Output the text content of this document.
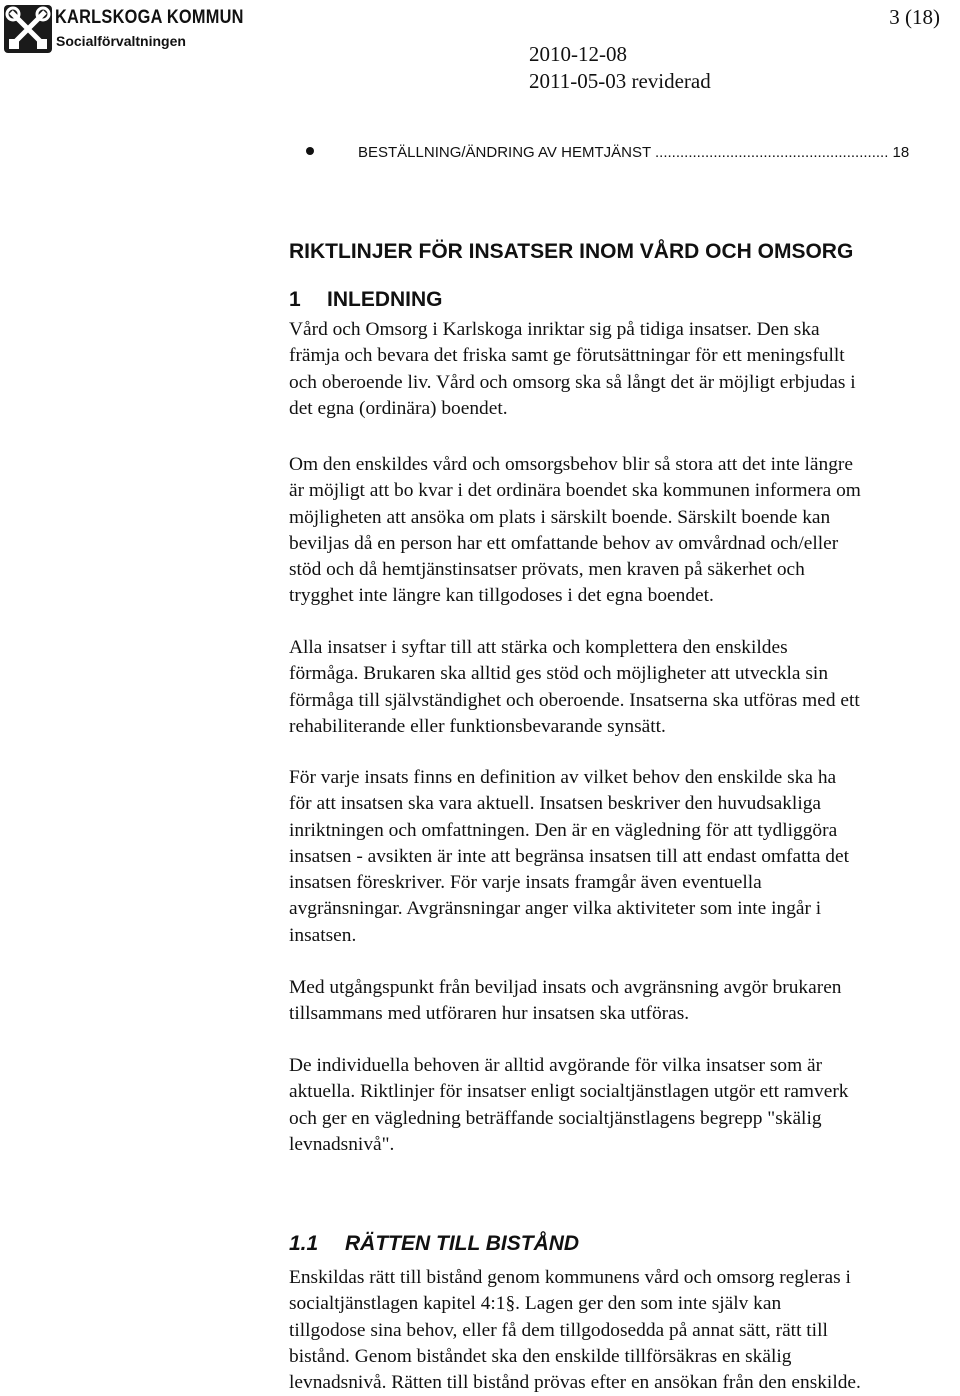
KARLSKOGA KOMMUN
Socialförvaltningen
3 (18)
2010-12-08
2011-05-03 reviderad
BESTÄLLNING/ÄNDRING AV HEMTJÄNST ........................................................ 18
RIKTLINJER FÖR INSATSER INOM VÅRD OCH OMSORG
1 INLEDNING
Vård och Omsorg i Karlskoga inriktar sig på tidiga insatser. Den ska
främja och bevara det friska samt ge förutsättningar för ett meningsfullt
och oberoende liv. Vård och omsorg ska så långt det är möjligt erbjudas i
det egna (ordinära) boendet.
Om den enskildes vård och omsorgsbehov blir så stora att det inte längre
är möjligt att bo kvar i det ordinära boendet ska kommunen informera om
möjligheten att ansöka om plats i särskilt boende. Särskilt boende kan
beviljas då en person har ett omfattande behov av omvårdnad och/eller
stöd och då hemtjänstinsatser prövats, men kraven på säkerhet och
trygghet inte längre kan tillgodoses i det egna boendet.
Alla insatser i syftar till att stärka och komplettera den enskildes
förmåga. Brukaren ska alltid ges stöd och möjligheter att utveckla sin
förmåga till självständighet och oberoende. Insatserna ska utföras med ett
rehabiliterande eller funktionsbevarande synsätt.
För varje insats finns en definition av vilket behov den enskilde ska ha
för att insatsen ska vara aktuell. Insatsen beskriver den huvudsakliga
inriktningen och omfattningen. Den är en vägledning för att tydliggöra
insatsen - avsikten är inte att begränsa insatsen till att endast omfatta det
insatsen föreskriver. För varje insats framgår även eventuella
avgränsningar. Avgränsningar anger vilka aktiviteter som inte ingår i
insatsen.
Med utgångspunkt från beviljad insats och avgränsning avgör brukaren
tillsammans med utföraren hur insatsen ska utföras.
De individuella behoven är alltid avgörande för vilka insatser som är
aktuella. Riktlinjer för insatser enligt socialtjänstlagen utgör ett ramverk
och ger en vägledning beträffande socialtjänstlagens begrepp "skälig
levnadsnivå".
1.1 RÄTTEN TILL BISTÅND
Enskildas rätt till bistånd genom kommunens vård och omsorg regleras i
socialtjänstlagen kapitel 4:1§. Lagen ger den som inte själv kan
tillgodose sina behov, eller få dem tillgodosedda på annat sätt, rätt till
bistånd. Genom biståndet ska den enskilde tillförsäkras en skälig
levnadsnivå. Rätten till bistånd prövas efter en ansökan från den enskilde.
